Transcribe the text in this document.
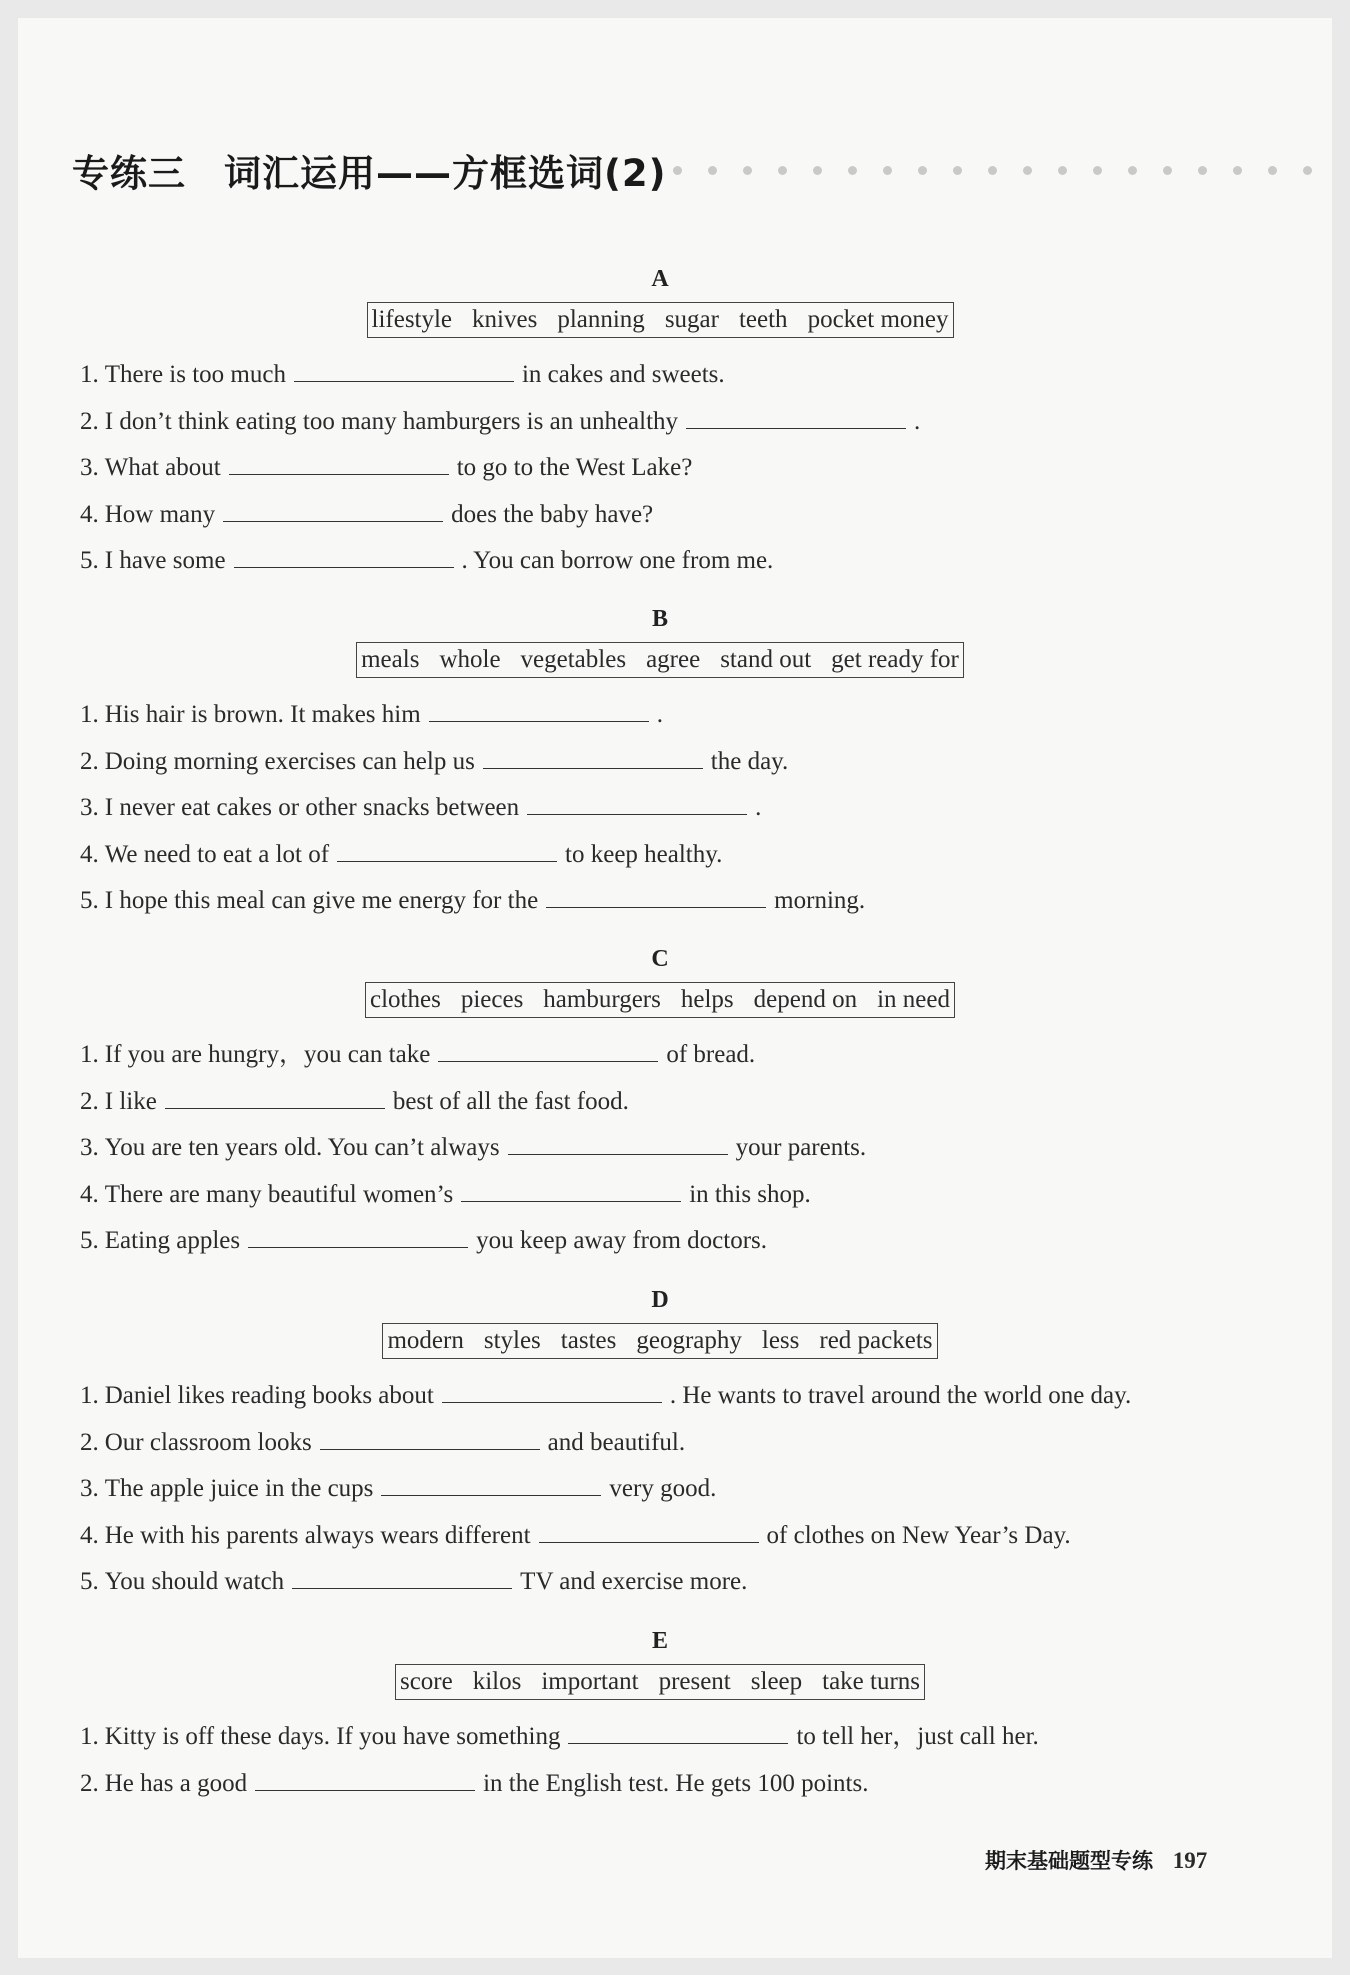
专练三　词汇运用——方框选词(2)
A
lifestyle knives planning sugar teeth pocket money
1. There is too much	in cakes and sweets.
2. I don’t think eating too many hamburgers is an unhealthy	.
3. What about	to go to the West Lake?
4. How many	does the baby have?
5. I have some	. You can borrow one from me.
B
meals whole vegetables agree stand out get ready for
1. His hair is brown. It makes him	.
2. Doing morning exercises can help us	the day.
3. I never eat cakes or other snacks between	.
4. We need to eat a lot of	to keep healthy.
5. I hope this meal can give me energy for the	morning.
C
clothes pieces hamburgers helps depend on in need
1. If you are hungry，you can take	of bread.
2. I like	best of all the fast food.
3. You are ten years old. You can’t always	your parents.
4. There are many beautiful women’s	in this shop.
5. Eating apples	you keep away from doctors.
D
modern styles tastes geography less red packets
1. Daniel likes reading books about	. He wants to travel around the world one day.
2. Our classroom looks	and beautiful.
3. The apple juice in the cups	very good.
4. He with his parents always wears different	of clothes on New Year’s Day.
5. You should watch	TV and exercise more.
E
score kilos important present sleep take turns
1. Kitty is off these days. If you have something	to tell her，just call her.
2. He has a good	in the English test. He gets 100 points.
期末基础题型专练 197
